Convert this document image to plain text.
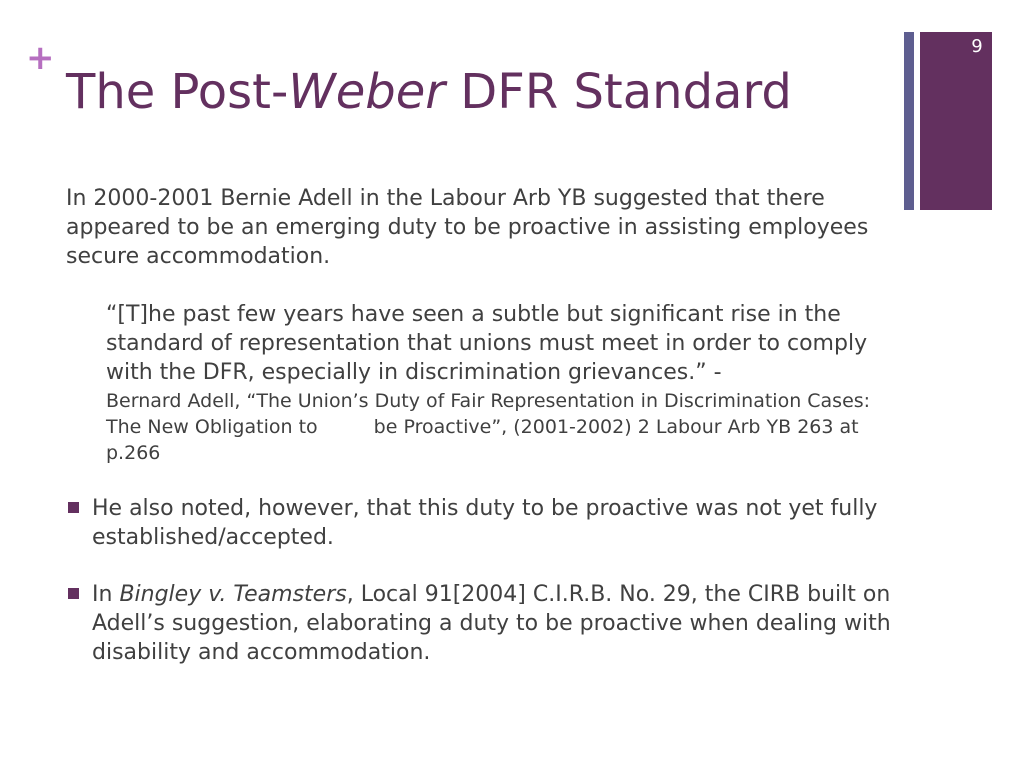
+
The Post-Weber DFR Standard
9

In 2000-2001 Bernie Adell in the Labour Arb YB suggested that there appeared to be an emerging duty to be proactive in assisting employees secure accommodation.

“[T]he past few years have seen a subtle but significant rise in the standard of representation that unions must meet in order to comply with the DFR, especially in discrimination grievances.” -

Bernard Adell, “The Union’s Duty of Fair Representation in Discrimination Cases: The New Obligation to	be Proactive”, (2001-2002) 2 Labour Arb YB 263 at p.266

He also noted, however, that this duty to be proactive was not yet fully established/accepted.
In Bingley v. Teamsters, Local 91[2004] C.I.R.B. No. 29, the CIRB built on Adell’s suggestion, elaborating a duty to be proactive when dealing with disability and accommodation.
